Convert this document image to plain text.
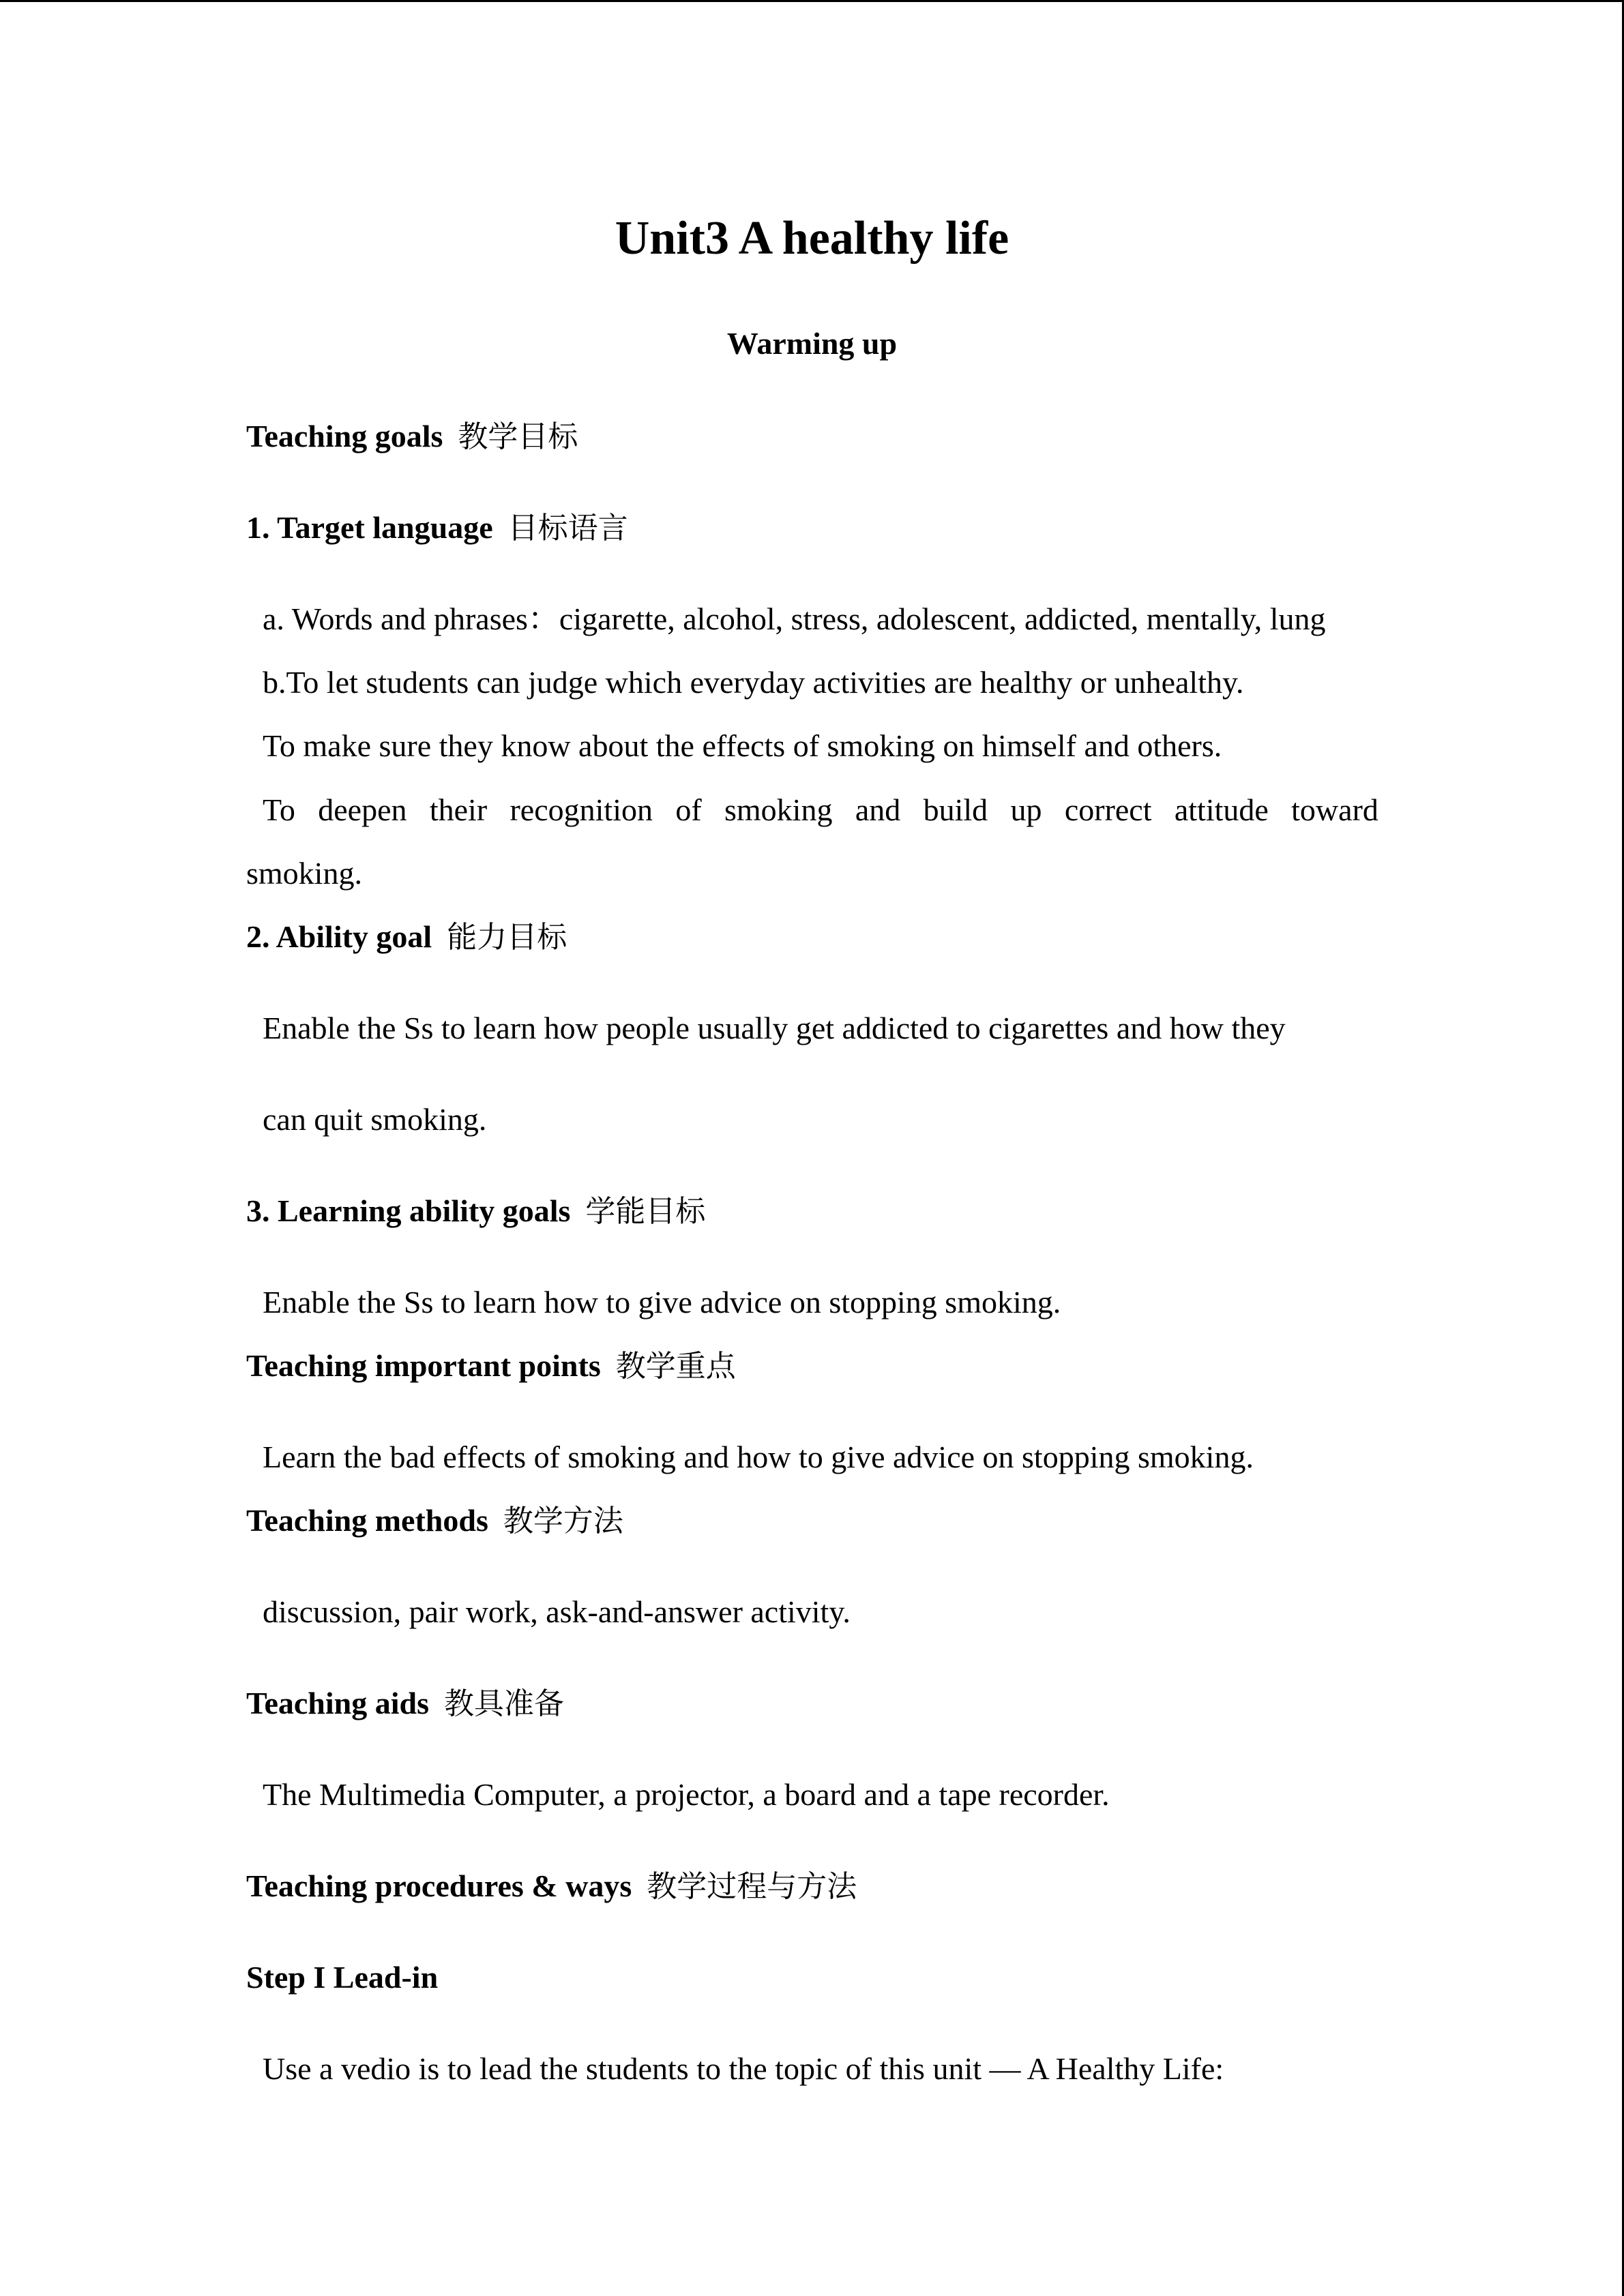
Unit3 A healthy life
Warming up
Teaching goals 教学目标
1. Target language 目标语言
a. Words and phrases：cigarette, alcohol, stress, adolescent, addicted, mentally, lung
b.To let students can judge which everyday activities are healthy or unhealthy.
To make sure they know about the effects of smoking on himself and others.
To deepen their recognition of smoking and build up correct attitude toward
smoking.
2. Ability goal 能力目标
Enable the Ss to learn how people usually get addicted to cigarettes and how they
can quit smoking.
3. Learning ability goals 学能目标
Enable the Ss to learn how to give advice on stopping smoking.
Teaching important points 教学重点
Learn the bad effects of smoking and how to give advice on stopping smoking.
Teaching methods 教学方法
discussion, pair work, ask-and-answer activity.
Teaching aids 教具准备
The Multimedia Computer, a projector, a board and a tape recorder.
Teaching procedures & ways 教学过程与方法
Step I Lead-in
Use a vedio is to lead the students to the topic of this unit — A Healthy Life:
